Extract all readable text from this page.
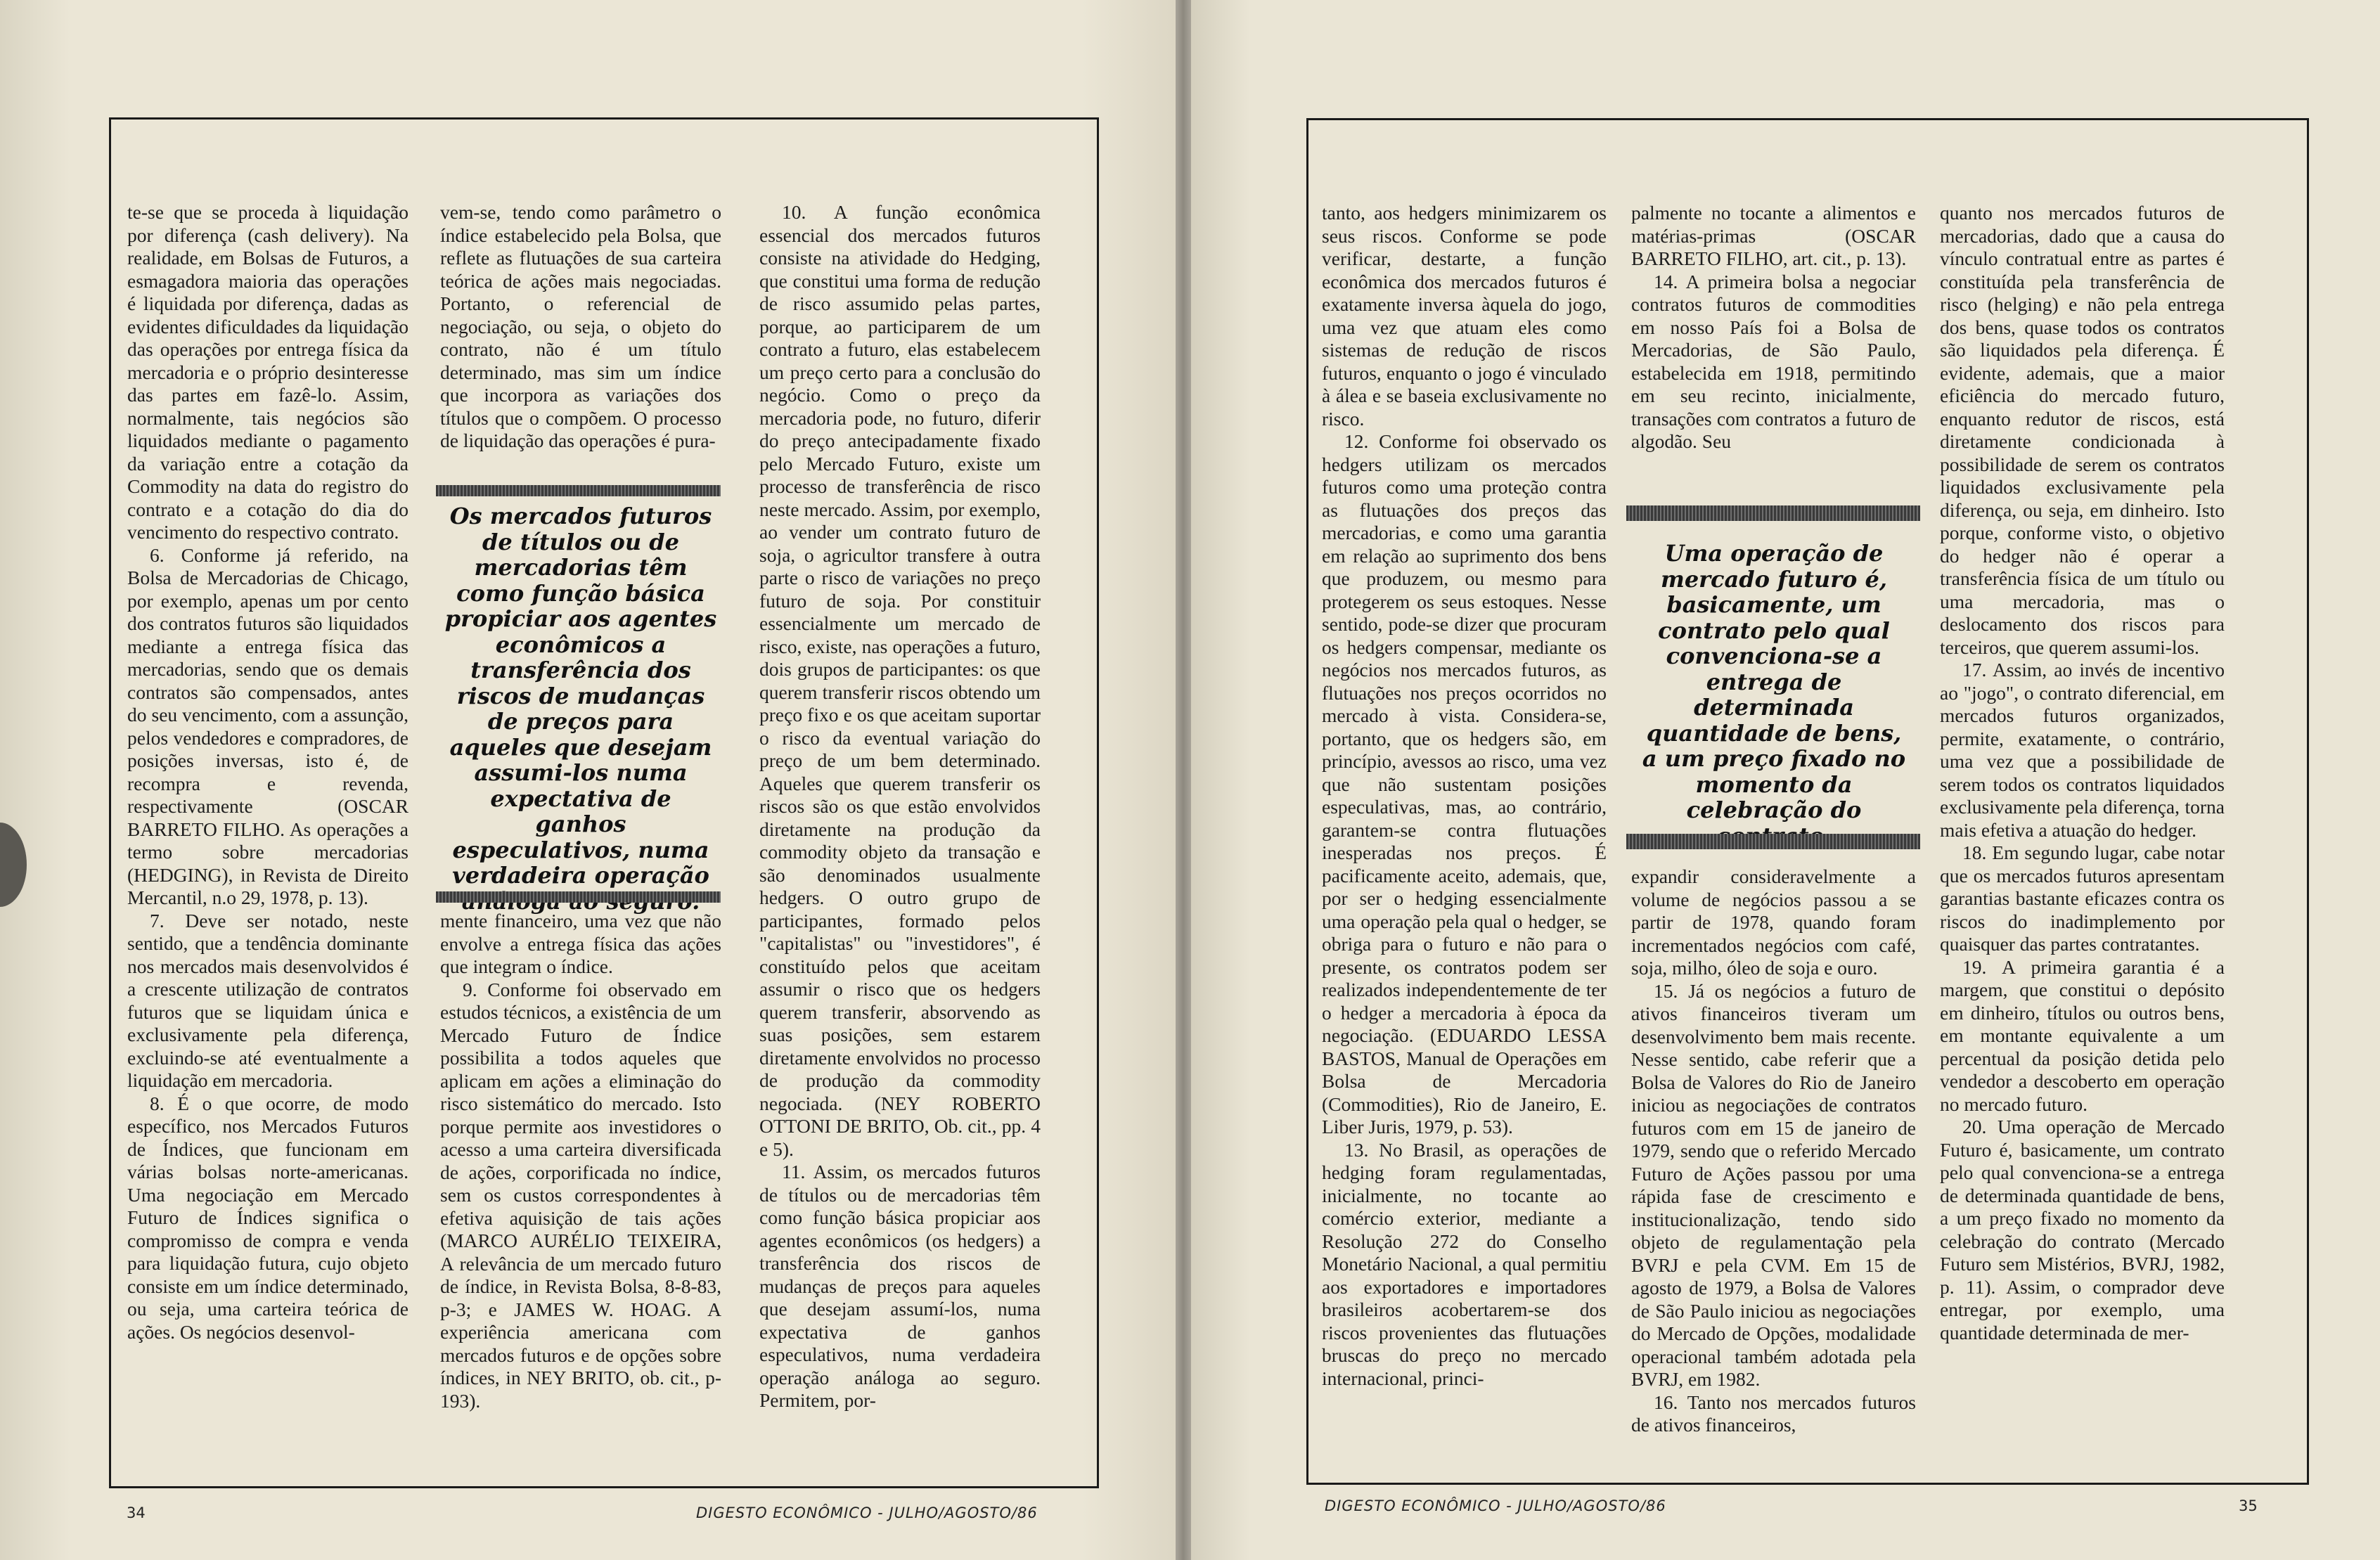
te-se que se proceda à liquidação por diferença (cash delivery). Na realidade, em Bolsas de Futuros, a esmagadora maioria das operações é liquidada por diferença, dadas as evidentes dificuldades da liquidação das operações por entrega física da mercadoria e o próprio desinteresse das partes em fazê-lo. Assim, normalmente, tais negócios são liquidados mediante o pagamento da variação entre a cotação da Commodity na data do registro do contrato e a cotação do dia do vencimento do respectivo contrato.

6. Conforme já referido, na Bolsa de Mercadorias de Chicago, por exemplo, apenas um por cento dos contratos futuros são liquidados mediante a entrega física das mercadorias, sendo que os demais contratos são compensados, antes do seu vencimento, com a assunção, pelos vendedores e compradores, de posições inversas, isto é, de recompra e revenda, respectivamente (OSCAR BARRETO FILHO. As operações a termo sobre mercadorias (HEDGING), in Revista de Direito Mercantil, n.o 29, 1978, p. 13).

7. Deve ser notado, neste sentido, que a tendência dominante nos mercados mais desenvolvidos é a crescente utilização de contratos futuros que se liquidam única e exclusivamente pela diferença, excluindo-se até eventualmente a liquidação em mercadoria.

8. É o que ocorre, de modo específico, nos Mercados Futuros de Índices, que funcionam em várias bolsas norte-americanas. Uma negociação em Mercado Futuro de Índices significa o compromisso de compra e venda para liquidação futura, cujo objeto consiste em um índice determinado, ou seja, uma carteira teórica de ações. Os negócios desenvol-

vem-se, tendo como parâmetro o índice estabelecido pela Bolsa, que reflete as flutuações de sua carteira teórica de ações mais negociadas. Portanto, o referencial de negociação, ou seja, o objeto do contrato, não é um título determinado, mas sim um índice que incorpora as variações dos títulos que o compõem. O processo de liquidação das operações é pura-

Os mercados futuros de títulos ou de mercadorias têm como função básica propiciar aos agentes econômicos a transferência dos riscos de mudanças de preços para aqueles que desejam assumi-los numa expectativa de ganhos especulativos, numa verdadeira operação

mente financeiro, uma vez que não envolve a entrega física das ações que integram o índice.

9. Conforme foi observado em estudos técnicos, a existência de um Mercado Futuro de Índice possibilita a todos aqueles que aplicam em ações a eliminação do risco sistemático do mercado. Isto porque permite aos investidores o acesso a uma carteira diversificada de ações, corporificada no índice, sem os custos correspondentes à efetiva aquisição de tais ações (MARCO AURÉLIO TEIXEIRA, A relevância de um mercado futuro de índice, in Revista Bolsa, 8-8-83, p-3; e JAMES W. HOAG. A experiência americana com mercados futuros e de opções sobre índices, in NEY BRITO, ob. cit., p-193).

10. A função econômica essencial dos mercados futuros consiste na atividade do Hedging, que constitui uma forma de redução de risco assumido pelas partes, porque, ao participarem de um contrato a futuro, elas estabelecem um preço certo para a conclusão do negócio. Como o preço da mercadoria pode, no futuro, diferir do preço antecipadamente fixado pelo Mercado Futuro, existe um processo de transferência de risco neste mercado. Assim, por exemplo, ao vender um contrato futuro de soja, o agricultor transfere à outra parte o risco de variações no preço futuro de soja. Por constituir essencialmente um mercado de risco, existe, nas operações a futuro, dois grupos de participantes: os que querem transferir riscos obtendo um preço fixo e os que aceitam suportar o risco da eventual variação do preço de um bem determinado. Aqueles que querem transferir os riscos são os que estão envolvidos diretamente na produção da commodity objeto da transação e são denominados usualmente hedgers. O outro grupo de participantes, formado pelos "capitalistas" ou "investidores", é constituído pelos que aceitam assumir o risco que os hedgers querem transferir, absorvendo as suas posições, sem estarem diretamente envolvidos no processo de produção da commodity negociada. (NEY ROBERTO OTTONI DE BRITO, Ob. cit., pp. 4 e 5).

11. Assim, os mercados futuros de títulos ou de mercadorias têm como função básica propiciar aos agentes econômicos (os hedgers) a transferência dos riscos de mudanças de preços para aqueles que desejam assumí-los, numa expectativa de ganhos especulativos, numa verdadeira operação análoga ao seguro. Permitem, por-

34	DIGESTO ECONÔMICO - JULHO/AGOSTO/86

tanto, aos hedgers minimizarem os seus riscos. Conforme se pode verificar, destarte, a função econômica dos mercados futuros é exatamente inversa àquela do jogo, uma vez que atuam eles como sistemas de redução de riscos futuros, enquanto o jogo é vinculado à álea e se baseia exclusivamente no risco.

12. Conforme foi observado os hedgers utilizam os mercados futuros como uma proteção contra as flutuações dos preços das mercadorias, e como uma garantia em relação ao suprimento dos bens que produzem, ou mesmo para protegerem os seus estoques. Nesse sentido, pode-se dizer que procuram os hedgers compensar, mediante os negócios nos mercados futuros, as flutuações nos preços ocorridos no mercado à vista. Considera-se, portanto, que os hedgers são, em princípio, avessos ao risco, uma vez que não sustentam posições especulativas, mas, ao contrário, garantem-se contra flutuações inesperadas nos preços. É pacificamente aceito, ademais, que, por ser o hedging essencialmente uma operação pela qual o hedger, se obriga para o futuro e não para o presente, os contratos podem ser realizados independentemente de ter o hedger a mercadoria à época da negociação. (EDUARDO LESSA BASTOS, Manual de Operações em Bolsa de Mercadoria (Commodities), Rio de Janeiro, E. Liber Juris, 1979, p. 53).

13. No Brasil, as operações de hedging foram regulamentadas, inicialmente, no tocante ao comércio exterior, mediante a Resolução 272 do Conselho Monetário Nacional, a qual permitiu aos exportadores e importadores brasileiros acobertarem-se dos riscos provenientes das flutuações bruscas do preço no mercado internacional, princi-

palmente no tocante a alimentos e matérias-primas (OSCAR BARRETO FILHO, art. cit., p. 13).

14. A primeira bolsa a negociar contratos futuros de commodities em nosso País foi a Bolsa de Mercadorias, de São Paulo, estabelecida em 1918, permitindo em seu recinto, inicialmente, transações com contratos a futuro de algodão. Seu

Uma operação de mercado futuro é, basicamente, um contrato pelo qual convenciona-se a entrega de determinada quantidade de bens, a um preço fixado no momento da celebração do

expandir consideravelmente a volume de negócios passou a se partir de 1978, quando foram incrementados negócios com café, soja, milho, óleo de soja e ouro.

15. Já os negócios a futuro de ativos financeiros tiveram um desenvolvimento bem mais recente. Nesse sentido, cabe referir que a Bolsa de Valores do Rio de Janeiro iniciou as negociações de contratos futuros com em 15 de janeiro de 1979, sendo que o referido Mercado Futuro de Ações passou por uma rápida fase de crescimento e institucionalização, tendo sido objeto de regulamentação pela BVRJ e pela CVM. Em 15 de agosto de 1979, a Bolsa de Valores de São Paulo iniciou as negociações do Mercado de Opções, modalidade operacional também adotada pela BVRJ, em 1982.

16. Tanto nos mercados futuros de ativos financeiros,

quanto nos mercados futuros de mercadorias, dado que a causa do vínculo contratual entre as partes é constituída pela transferência de risco (helging) e não pela entrega dos bens, quase todos os contratos são liquidados pela diferença. É evidente, ademais, que a maior eficiência do mercado futuro, enquanto redutor de riscos, está diretamente condicionada à possibilidade de serem os contratos liquidados exclusivamente pela diferença, ou seja, em dinheiro. Isto porque, conforme visto, o objetivo do hedger não é operar a transferência física de um título ou uma mercadoria, mas o deslocamento dos riscos para terceiros, que querem assumi-los.

17. Assim, ao invés de incentivo ao "jogo", o contrato diferencial, em mercados futuros organizados, permite, exatamente, o contrário, uma vez que a possibilidade de serem todos os contratos liquidados exclusivamente pela diferença, torna mais efetiva a atuação do hedger.

18. Em segundo lugar, cabe notar que os mercados futuros apresentam garantias bastante eficazes contra os riscos do inadimplemento por quaisquer das partes contratantes.

19. A primeira garantia é a margem, que constitui o depósito em dinheiro, títulos ou outros bens, em montante equivalente a um percentual da posição detida pelo vendedor a descoberto em operação no mercado futuro.

20. Uma operação de Mercado Futuro é, basicamente, um contrato pelo qual convenciona-se a entrega de determinada quantidade de bens, a um preço fixado no momento da celebração do contrato (Mercado Futuro sem Mistérios, BVRJ, 1982, p. 11). Assim, o comprador deve entregar, por exemplo, uma quantidade determinada de mer-

DIGESTO ECONÔMICO - JULHO/AGOSTO/86	35
